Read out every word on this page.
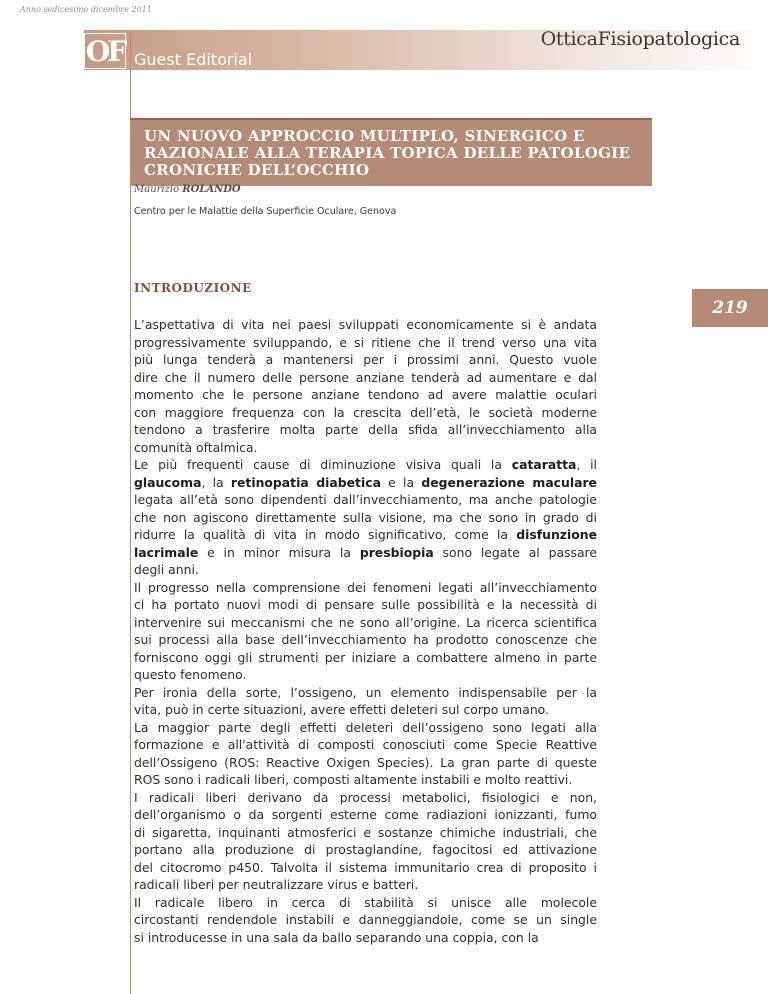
Anno sedicesimo dicembre 2011
OF Guest Editorial
OtticaFisiopatologica
UN NUOVO APPROCCIO MULTIPLO, SINERGICO E
RAZIONALE ALLA TERAPIA TOPICA DELLE PATOLOGIE
CRONICHE DELL’OCCHIO
Maurizio ROLANDO
Centro per le Malattie della Superficie Oculare, Genova
INTRODUZIONE
219
L’aspettativa di vita nei paesi sviluppati economicamente si è andata
progressivamente sviluppando, e si ritiene che il trend verso una vita
più lunga tenderà a mantenersi per i prossimi anni. Questo vuole
dire che il numero delle persone anziane tenderà ad aumentare e dal
momento che le persone anziane tendono ad avere malattie oculari
con maggiore frequenza con la crescita dell’età, le società moderne
tendono a trasferire molta parte della sfida all’invecchiamento alla
comunità oftalmica.
Le più frequenti cause di diminuzione visiva quali la cataratta, il
glaucoma, la retinopatia diabetica e la degenerazione maculare
legata all’età sono dipendenti dall’invecchiamento, ma anche patologie
che non agiscono direttamente sulla visione, ma che sono in grado di
ridurre la qualità di vita in modo significativo, come la disfunzione
lacrimale e in minor misura la presbiopia sono legate al passare
degli anni.
Il progresso nella comprensione dei fenomeni legati all’invecchiamento
ci ha portato nuovi modi di pensare sulle possibilità e la necessità di
intervenire sui meccanismi che ne sono all’origine. La ricerca scientifica
sui processi alla base dell’invecchiamento ha prodotto conoscenze che
forniscono oggi gli strumenti per iniziare a combattere almeno in parte
questo fenomeno.
Per ironia della sorte, l’ossigeno, un elemento indispensabile per la
vita, può in certe situazioni, avere effetti deleteri sul corpo umano.
La maggior parte degli effetti deleteri dell’ossigeno sono legati alla
formazione e all'attività di composti conosciuti come Specie Reattive
dell’Ossigeno (ROS: Reactive Oxigen Species). La gran parte di queste
ROS sono i radicali liberi, composti altamente instabili e molto reattivi.
I radicali liberi derivano da processi metabolici, fisiologici e non,
dell’organismo o da sorgenti esterne come radiazioni ionizzanti, fumo
di sigaretta, inquinanti atmosferici e sostanze chimiche industriali, che
portano alla produzione di prostaglandine, fagocitosi ed attivazione
del citocromo p450. Talvolta il sistema immunitario crea di proposito i
radicali liberi per neutralizzare virus e batteri.
Il radicale libero in cerca di stabilità si unisce alle molecole
circostanti rendendole instabili e danneggiandole, come se un single
si introducesse in una sala da ballo separando una coppia, con la
